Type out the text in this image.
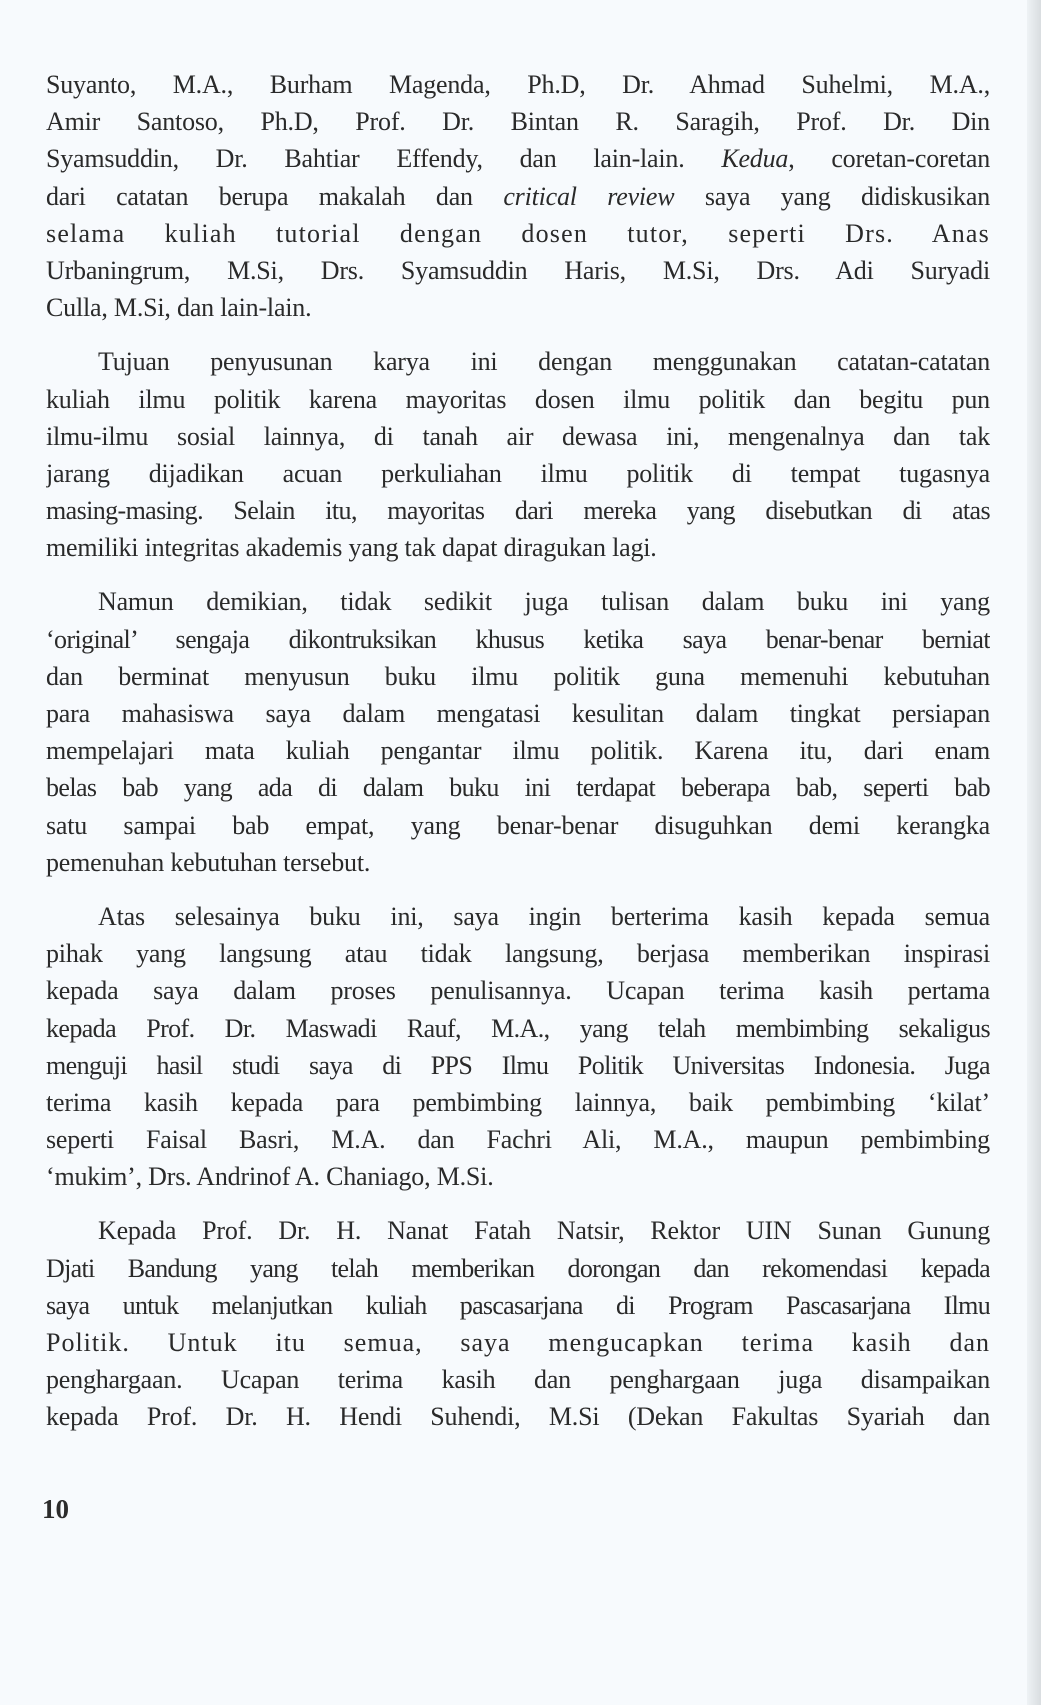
Suyanto, M.A., Burham Magenda, Ph.D, Dr. Ahmad Suhelmi, M.A.,
Amir Santoso, Ph.D, Prof. Dr. Bintan R. Saragih, Prof. Dr. Din
Syamsuddin, Dr. Bahtiar Effendy, dan lain-lain. Kedua, coretan-coretan
dari catatan berupa makalah dan critical review saya yang didiskusikan
selama kuliah tutorial dengan dosen tutor, seperti Drs. Anas
Urbaningrum, M.Si, Drs. Syamsuddin Haris, M.Si, Drs. Adi Suryadi
Culla, M.Si, dan lain-lain.
Tujuan penyusunan karya ini dengan menggunakan catatan-catatan
kuliah ilmu politik karena mayoritas dosen ilmu politik dan begitu pun
ilmu-ilmu sosial lainnya, di tanah air dewasa ini, mengenalnya dan tak
jarang dijadikan acuan perkuliahan ilmu politik di tempat tugasnya
masing-masing. Selain itu, mayoritas dari mereka yang disebutkan di atas
memiliki integritas akademis yang tak dapat diragukan lagi.
Namun demikian, tidak sedikit juga tulisan dalam buku ini yang
‘original’ sengaja dikontruksikan khusus ketika saya benar-benar berniat
dan berminat menyusun buku ilmu politik guna memenuhi kebutuhan
para mahasiswa saya dalam mengatasi kesulitan dalam tingkat persiapan
mempelajari mata kuliah pengantar ilmu politik. Karena itu, dari enam
belas bab yang ada di dalam buku ini terdapat beberapa bab, seperti bab
satu sampai bab empat, yang benar-benar disuguhkan demi kerangka
pemenuhan kebutuhan tersebut.
Atas selesainya buku ini, saya ingin berterima kasih kepada semua
pihak yang langsung atau tidak langsung, berjasa memberikan inspirasi
kepada saya dalam proses penulisannya. Ucapan terima kasih pertama
kepada Prof. Dr. Maswadi Rauf, M.A., yang telah membimbing sekaligus
menguji hasil studi saya di PPS Ilmu Politik Universitas Indonesia. Juga
terima kasih kepada para pembimbing lainnya, baik pembimbing ‘kilat’
seperti Faisal Basri, M.A. dan Fachri Ali, M.A., maupun pembimbing
‘mukim’, Drs. Andrinof A. Chaniago, M.Si.
Kepada Prof. Dr. H. Nanat Fatah Natsir, Rektor UIN Sunan Gunung
Djati Bandung yang telah memberikan dorongan dan rekomendasi kepada
saya untuk melanjutkan kuliah pascasarjana di Program Pascasarjana Ilmu
Politik. Untuk itu semua, saya mengucapkan terima kasih dan
penghargaan. Ucapan terima kasih dan penghargaan juga disampaikan
kepada Prof. Dr. H. Hendi Suhendi, M.Si (Dekan Fakultas Syariah dan
10
